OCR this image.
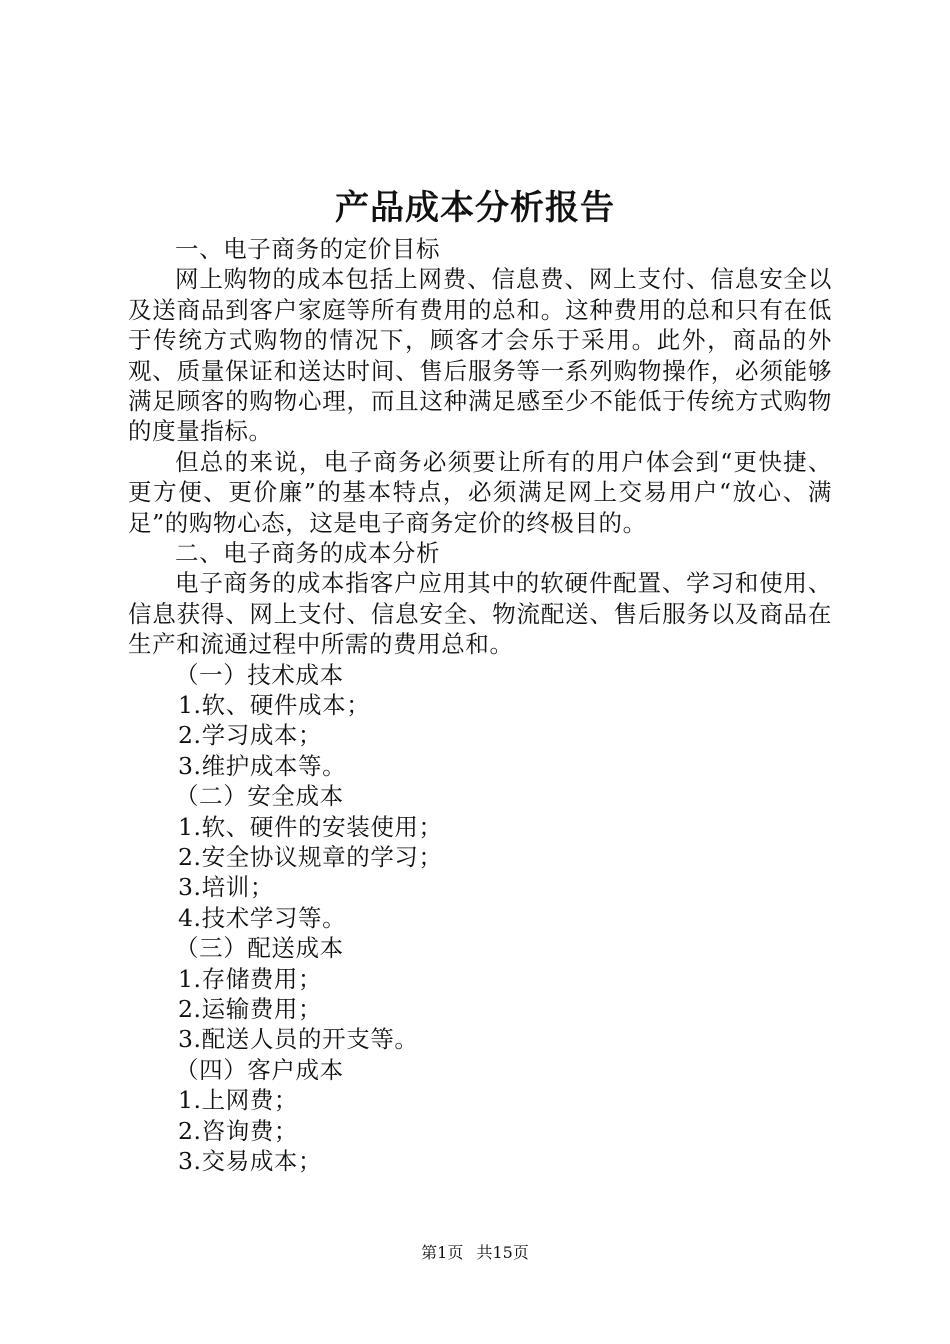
产品成本分析报告

一、电子商务的定价目标

网上购物的成本包括上网费、信息费、网上支付、信息安全以及送商品到客户家庭等所有费用的总和。这种费用的总和只有在低于传统方式购物的情况下，顾客才会乐于采用。此外，商品的外观、质量保证和送达时间、售后服务等一系列购物操作，必须能够满足顾客的购物心理，而且这种满足感至少不能低于传统方式购物的度量指标。

但总的来说，电子商务必须要让所有的用户体会到“更快捷、更方便、更价廉”的基本特点，必须满足网上交易用户“放心、满足”的购物心态，这是电子商务定价的终极目的。

二、电子商务的成本分析

电子商务的成本指客户应用其中的软硬件配置、学习和使用、信息获得、网上支付、信息安全、物流配送、售后服务以及商品在生产和流通过程中所需的费用总和。

（一）技术成本

1.软、硬件成本；

2.学习成本；

3.维护成本等。

（二）安全成本

1.软、硬件的安装使用；

2.安全协议规章的学习；

3.培训；

4.技术学习等。

（三）配送成本

1.存储费用；

2.运输费用；

3.配送人员的开支等。

（四）客户成本

1.上网费；

2.咨询费；

3.交易成本；

第1页 共15页
